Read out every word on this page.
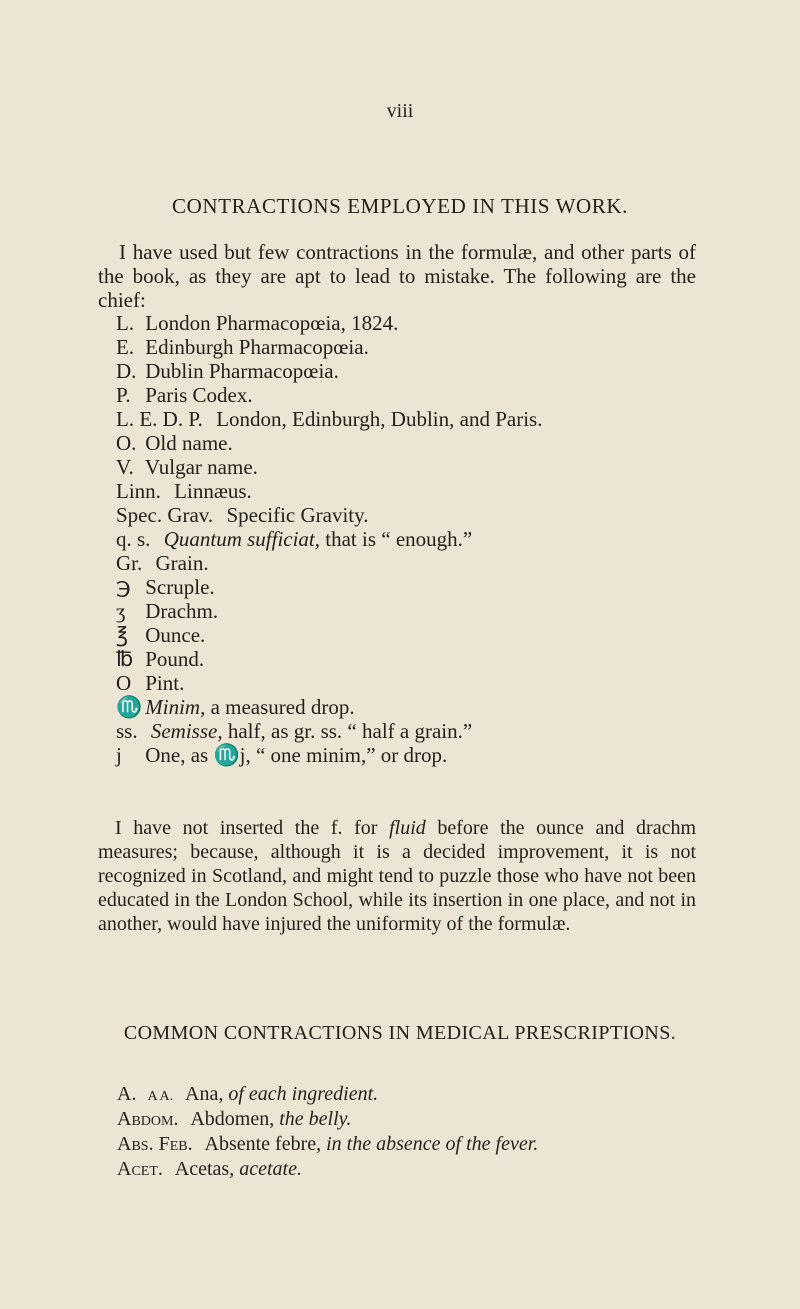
viii
CONTRACTIONS EMPLOYED IN THIS WORK.
I have used but few contractions in the formulæ, and other parts of the book, as they are apt to lead to mistake. The following are the chief:
L. London Pharmacopœia, 1824.
E. Edinburgh Pharmacopœia.
D. Dublin Pharmacopœia.
P. Paris Codex.
L. E. D. P. London, Edinburgh, Dublin, and Paris.
O. Old name.
V. Vulgar name.
Linn. Linnæus.
Spec. Grav. Specific Gravity.
q. s. Quantum sufficiat, that is “ enough.”
Gr. Grain.
℈ Scruple.
ʒ Drachm.
℥ Ounce.
℔ Pound.
O Pint.
♏ Minim, a measured drop.
ss. Semisse, half, as gr. ss. “ half a grain.”
j One, as ♏j, “ one minim,” or drop.
I have not inserted the f. for fluid before the ounce and drachm measures; because, although it is a decided improvement, it is not recognized in Scotland, and might tend to puzzle those who have not been educated in the London School, while its insertion in one place, and not in another, would have injured the uniformity of the formulæ.
COMMON CONTRACTIONS IN MEDICAL PRESCRIPTIONS.
A. A A. Ana, of each ingredient.
Abdom. Abdomen, the belly.
Abs. Feb. Absente febre, in the absence of the fever.
Acet. Acetas, acetate.
